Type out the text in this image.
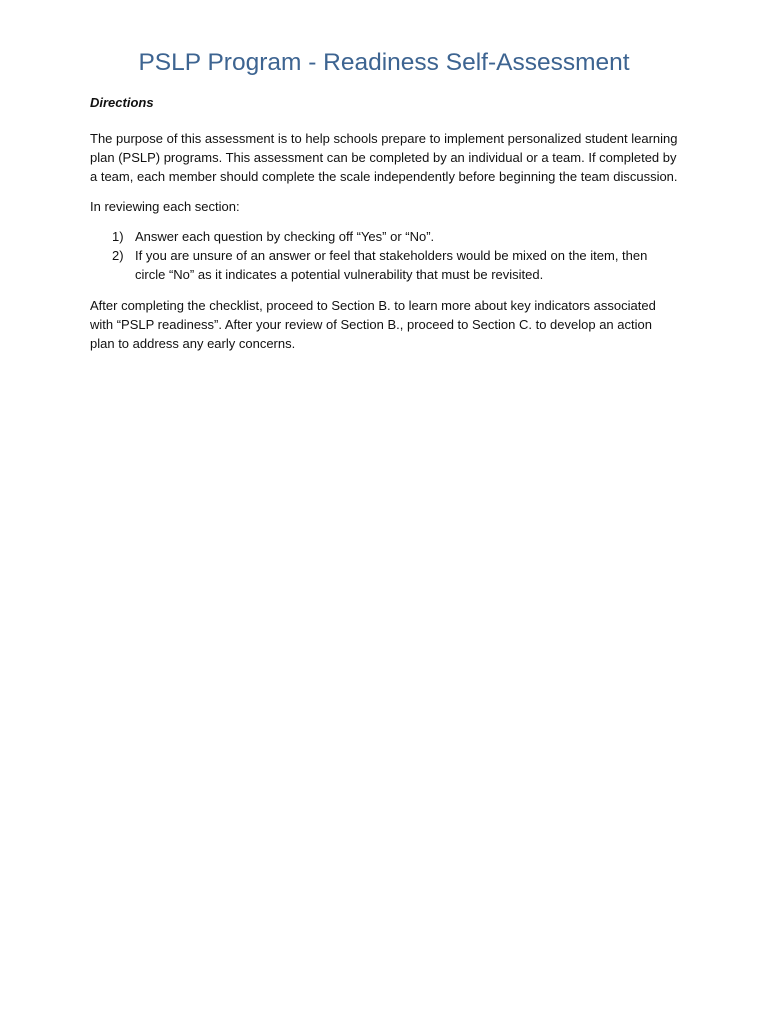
PSLP Program - Readiness Self-Assessment

Directions

The purpose of this assessment is to help schools prepare to implement personalized student learning plan (PSLP) programs. This assessment can be completed by an individual or a team. If completed by a team, each member should complete the scale independently before beginning the team discussion.

In reviewing each section:

1) Answer each question by checking off “Yes” or “No”.
2) If you are unsure of an answer or feel that stakeholders would be mixed on the item, then circle “No” as it indicates a potential vulnerability that must be revisited.

After completing the checklist, proceed to Section B. to learn more about key indicators associated with “PSLP readiness”. After your review of Section B., proceed to Section C. to develop an action plan to address any early concerns.
